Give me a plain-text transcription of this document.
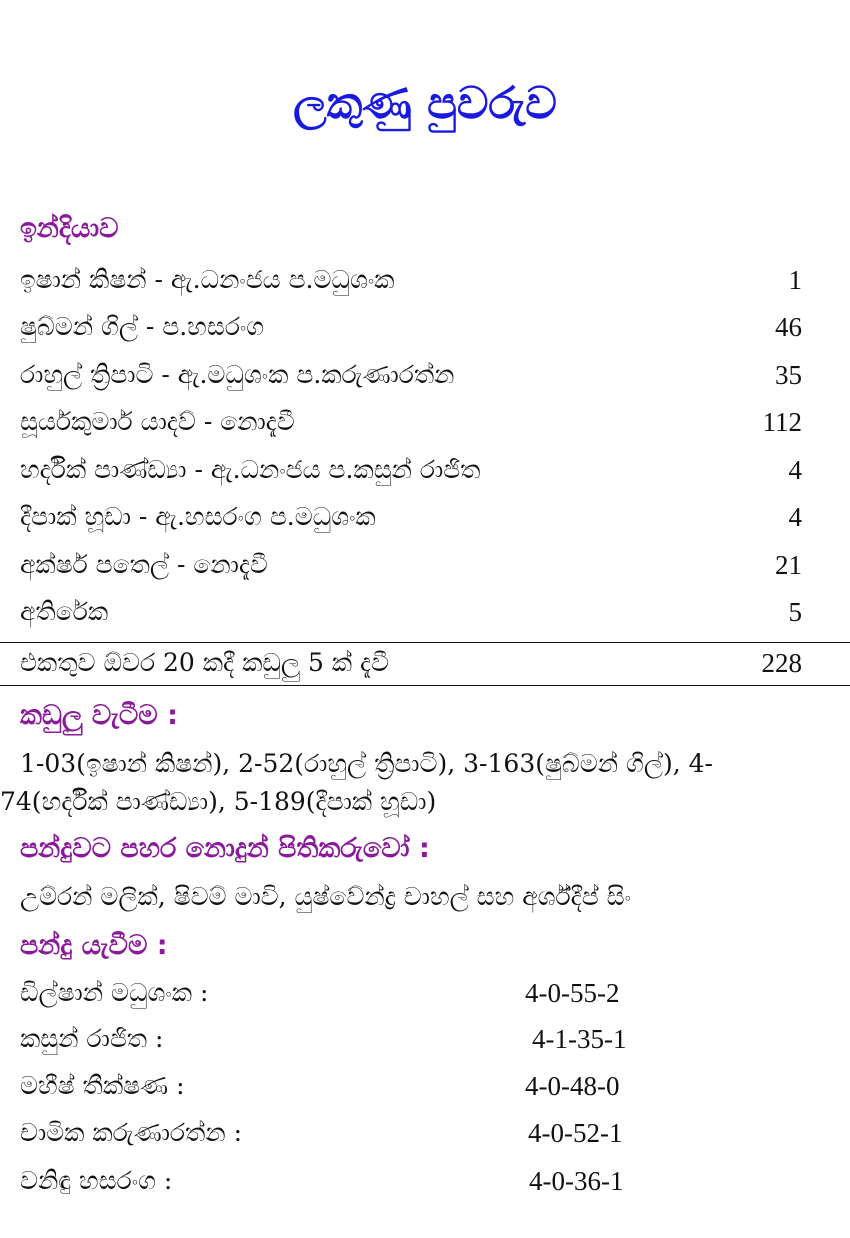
ලකුණු පුවරුව
ඉන්දියාව
ඉෂාන් කිෂන් - ඇ.ධනංජය ප.මධුශංක	1
ෂුබ්මන් ගිල් - ප.හසරංග	46
රාහුල් ත්‍රිපාටි - ඇ.මධුශංක ප.කරුණාරත්න	35
සූර්යකුමාර් යාදව් - නොදැවී	112
හර්දික් පාණ්ඩ්‍යා - ඇ.ධනංජය ප.කසුන් රාජිත	4
දීපාක් හූඩා - ඇ.හසරංග ප.මධුශංක	4
අක්ෂර් පතෙල් - නොදැවී	21
අතිරේක	5
එකතුව ඕවර 20 කදී කඩුලු 5 ක් දැවී	228
කඩුලු වැටීම :
1-03(ඉෂාන් කිෂන්), 2-52(රාහුල් ත්‍රිපාටි), 3-163(ෂුබ්මන් ගිල්), 4-
74(හර්දික් පාණ්ඩ්‍යා), 5-189(දීපාක් හූඩා)
පන්දුවට පහර නොදුන් පිතිකරුවෝ :
උම්රන් මලික්, ෂිවම් මාවි, යුෂ්වේන්ද්‍ර චාහල් සහ අර්ශ්දීප් සිං
පන්දු යැවීම :
ඩිල්ෂාන් මධුශංක :	4-0-55-2
කසුන් රාජිත :	4-1-35-1
මහීෂ් තීක්ෂණ :	4-0-48-0
චාමික කරුණාරත්න :	4-0-52-1
වනිඳු හසරංග :	4-0-36-1
